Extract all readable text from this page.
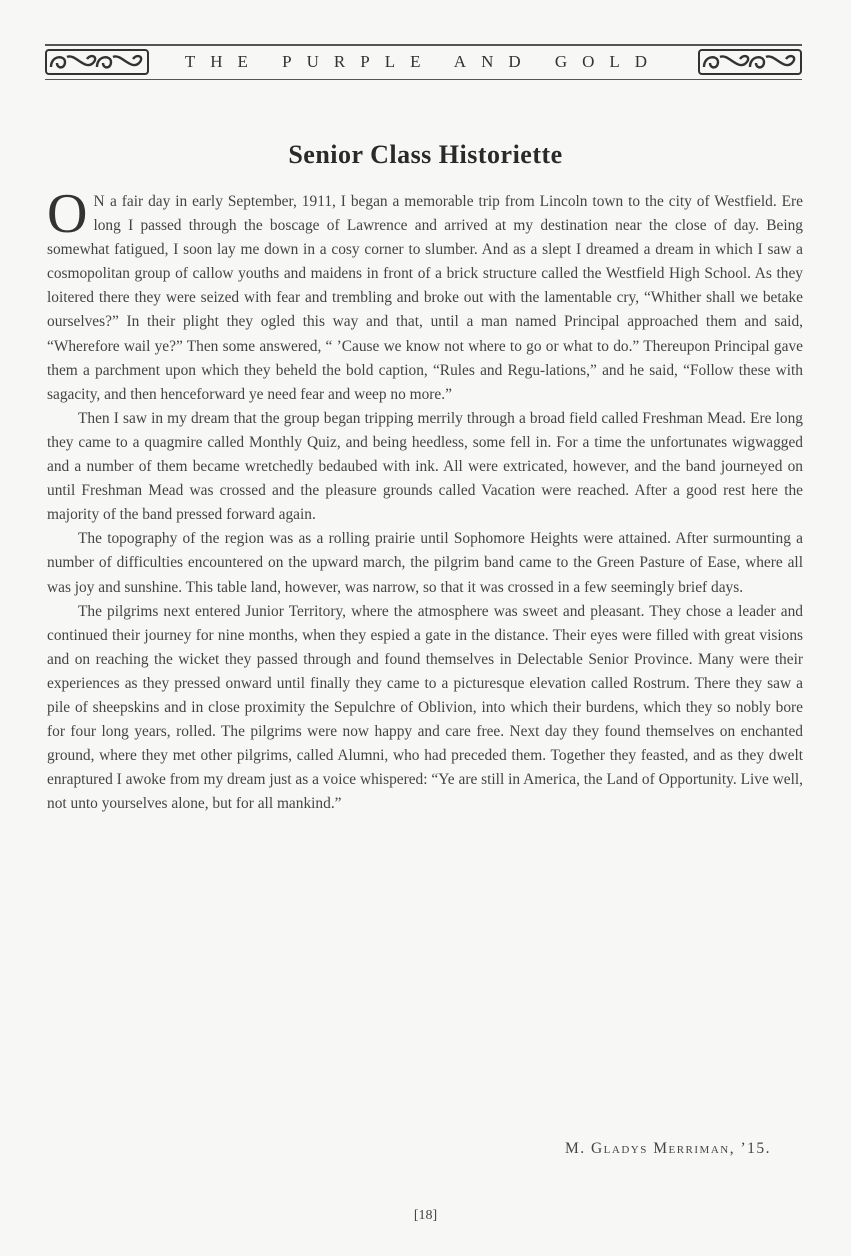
THE PURPLE AND GOLD
Senior Class Historiette

O N a fair day in early September, 1911, I began a memorable trip from Lincoln town to the city of Westfield. Ere long I passed through the boscage of Lawrence and arrived at my destination near the close of day. Being somewhat fatigued, I soon lay me down in a cosy corner to slumber. And as a slept I dreamed a dream in which I saw a cosmopolitan group of callow youths and maidens in front of a brick structure called the Westfield High School. As they loitered there they were seized with fear and trembling and broke out with the lamentable cry, “Whither shall we betake ourselves?” In their plight they ogled this way and that, until a man named Principal approached them and said, “Wherefore wail ye?” Then some answered, “ ’Cause we know not where to go or what to do.” Thereupon Principal gave them a parchment upon which they beheld the bold caption, “Rules and Regu-lations,” and he said, “Follow these with sagacity, and then henceforward ye need fear and weep no more.”

Then I saw in my dream that the group began tripping merrily through a broad field called Freshman Mead. Ere long they came to a quagmire called Monthly Quiz, and being heedless, some fell in. For a time the unfortunates wigwagged and a number of them became wretchedly bedaubed with ink. All were extricated, however, and the band journeyed on until Freshman Mead was crossed and the pleasure grounds called Vacation were reached. After a good rest here the majority of the band pressed forward again.

The topography of the region was as a rolling prairie until Sophomore Heights were attained. After surmounting a number of difficulties encountered on the upward march, the pilgrim band came to the Green Pasture of Ease, where all was joy and sunshine. This table land, however, was narrow, so that it was crossed in a few seemingly brief days.

The pilgrims next entered Junior Territory, where the atmosphere was sweet and pleasant. They chose a leader and continued their journey for nine months, when they espied a gate in the distance. Their eyes were filled with great visions and on reaching the wicket they passed through and found themselves in Delectable Senior Province. Many were their experiences as they pressed onward until finally they came to a picturesque elevation called Rostrum. There they saw a pile of sheepskins and in close proximity the Sepulchre of Oblivion, into which their burdens, which they so nobly bore for four long years, rolled. The pilgrims were now happy and care free. Next day they found themselves on enchanted ground, where they met other pilgrims, called Alumni, who had preceded them. Together they feasted, and as they dwelt enraptured I awoke from my dream just as a voice whispered: “Ye are still in America, the Land of Opportunity. Live well, not unto yourselves alone, but for all mankind.”

M. Gladys Merriman, ’15.
[18]
